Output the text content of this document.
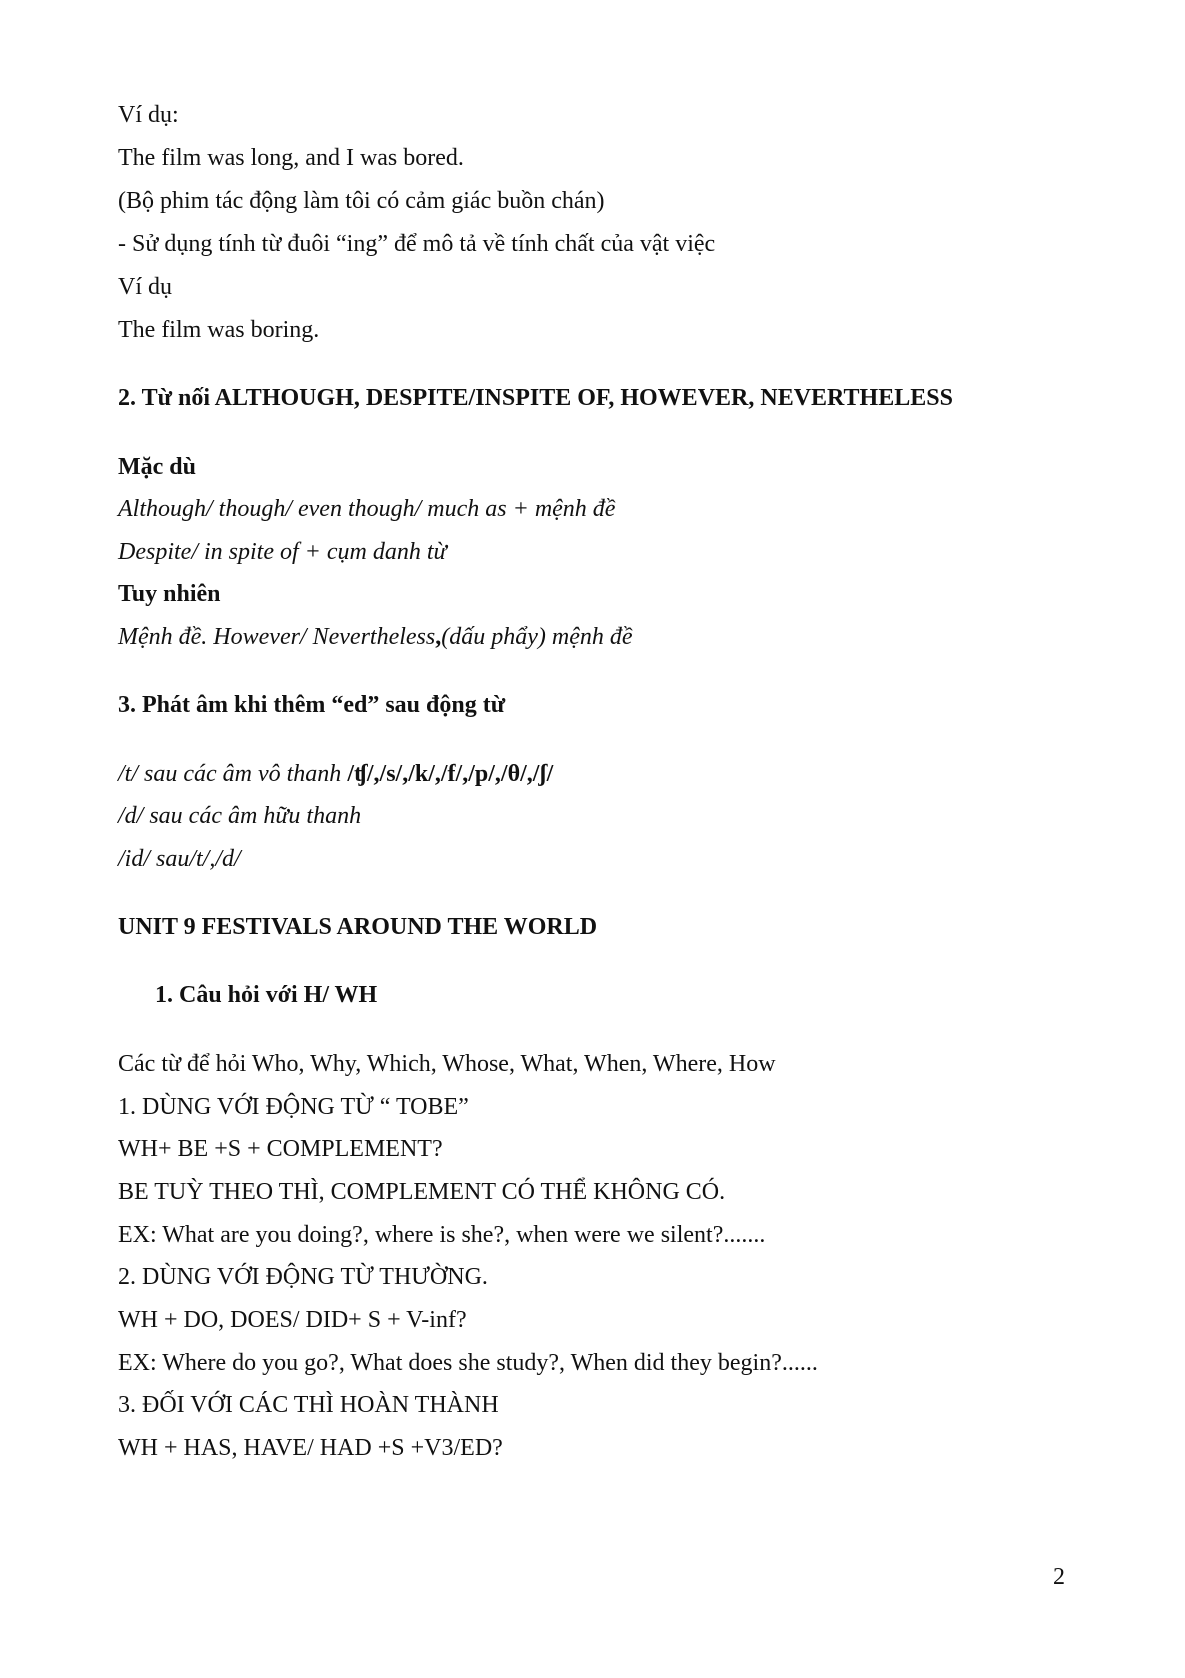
Ví dụ:
The film was long, and I was bored.
(Bộ phim tác động làm tôi có cảm giác buồn chán)
- Sử dụng tính từ đuôi “ing” để mô tả về tính chất của vật việc
Ví dụ
The film was boring.
2. Từ nối ALTHOUGH, DESPITE/INSPITE OF, HOWEVER, NEVERTHELESS
Mặc dù
Although/ though/ even though/ much as + mệnh đề
Despite/ in spite of + cụm danh từ
Tuy nhiên
Mệnh đề. However/ Nevertheless,(dấu phẩy) mệnh đề
3. Phát âm khi thêm “ed” sau động từ
/t/ sau các âm vô thanh /ʧ/,/s/,/k/,/f/,/p/,/θ/,/ʃ/
/d/ sau các âm hữu thanh
/id/ sau/t/,/d/
UNIT 9 FESTIVALS AROUND THE WORLD
1. Câu hỏi với H/ WH
Các từ để hỏi Who, Why, Which, Whose, What, When, Where, How
1. DÙNG VỚI ĐỘNG TỪ “ TOBE”
WH+ BE +S + COMPLEMENT?
BE TUỲ THEO THÌ, COMPLEMENT CÓ THỂ KHÔNG CÓ.
EX: What are you doing?, where is she?, when were we silent?.......
2. DÙNG VỚI ĐỘNG TỪ THƯỜNG.
WH + DO, DOES/ DID+ S + V-inf?
EX: Where do you go?, What does she study?, When did they begin?......
3. ĐỐI VỚI CÁC THÌ HOÀN THÀNH
WH + HAS, HAVE/ HAD +S +V3/ED?
2
